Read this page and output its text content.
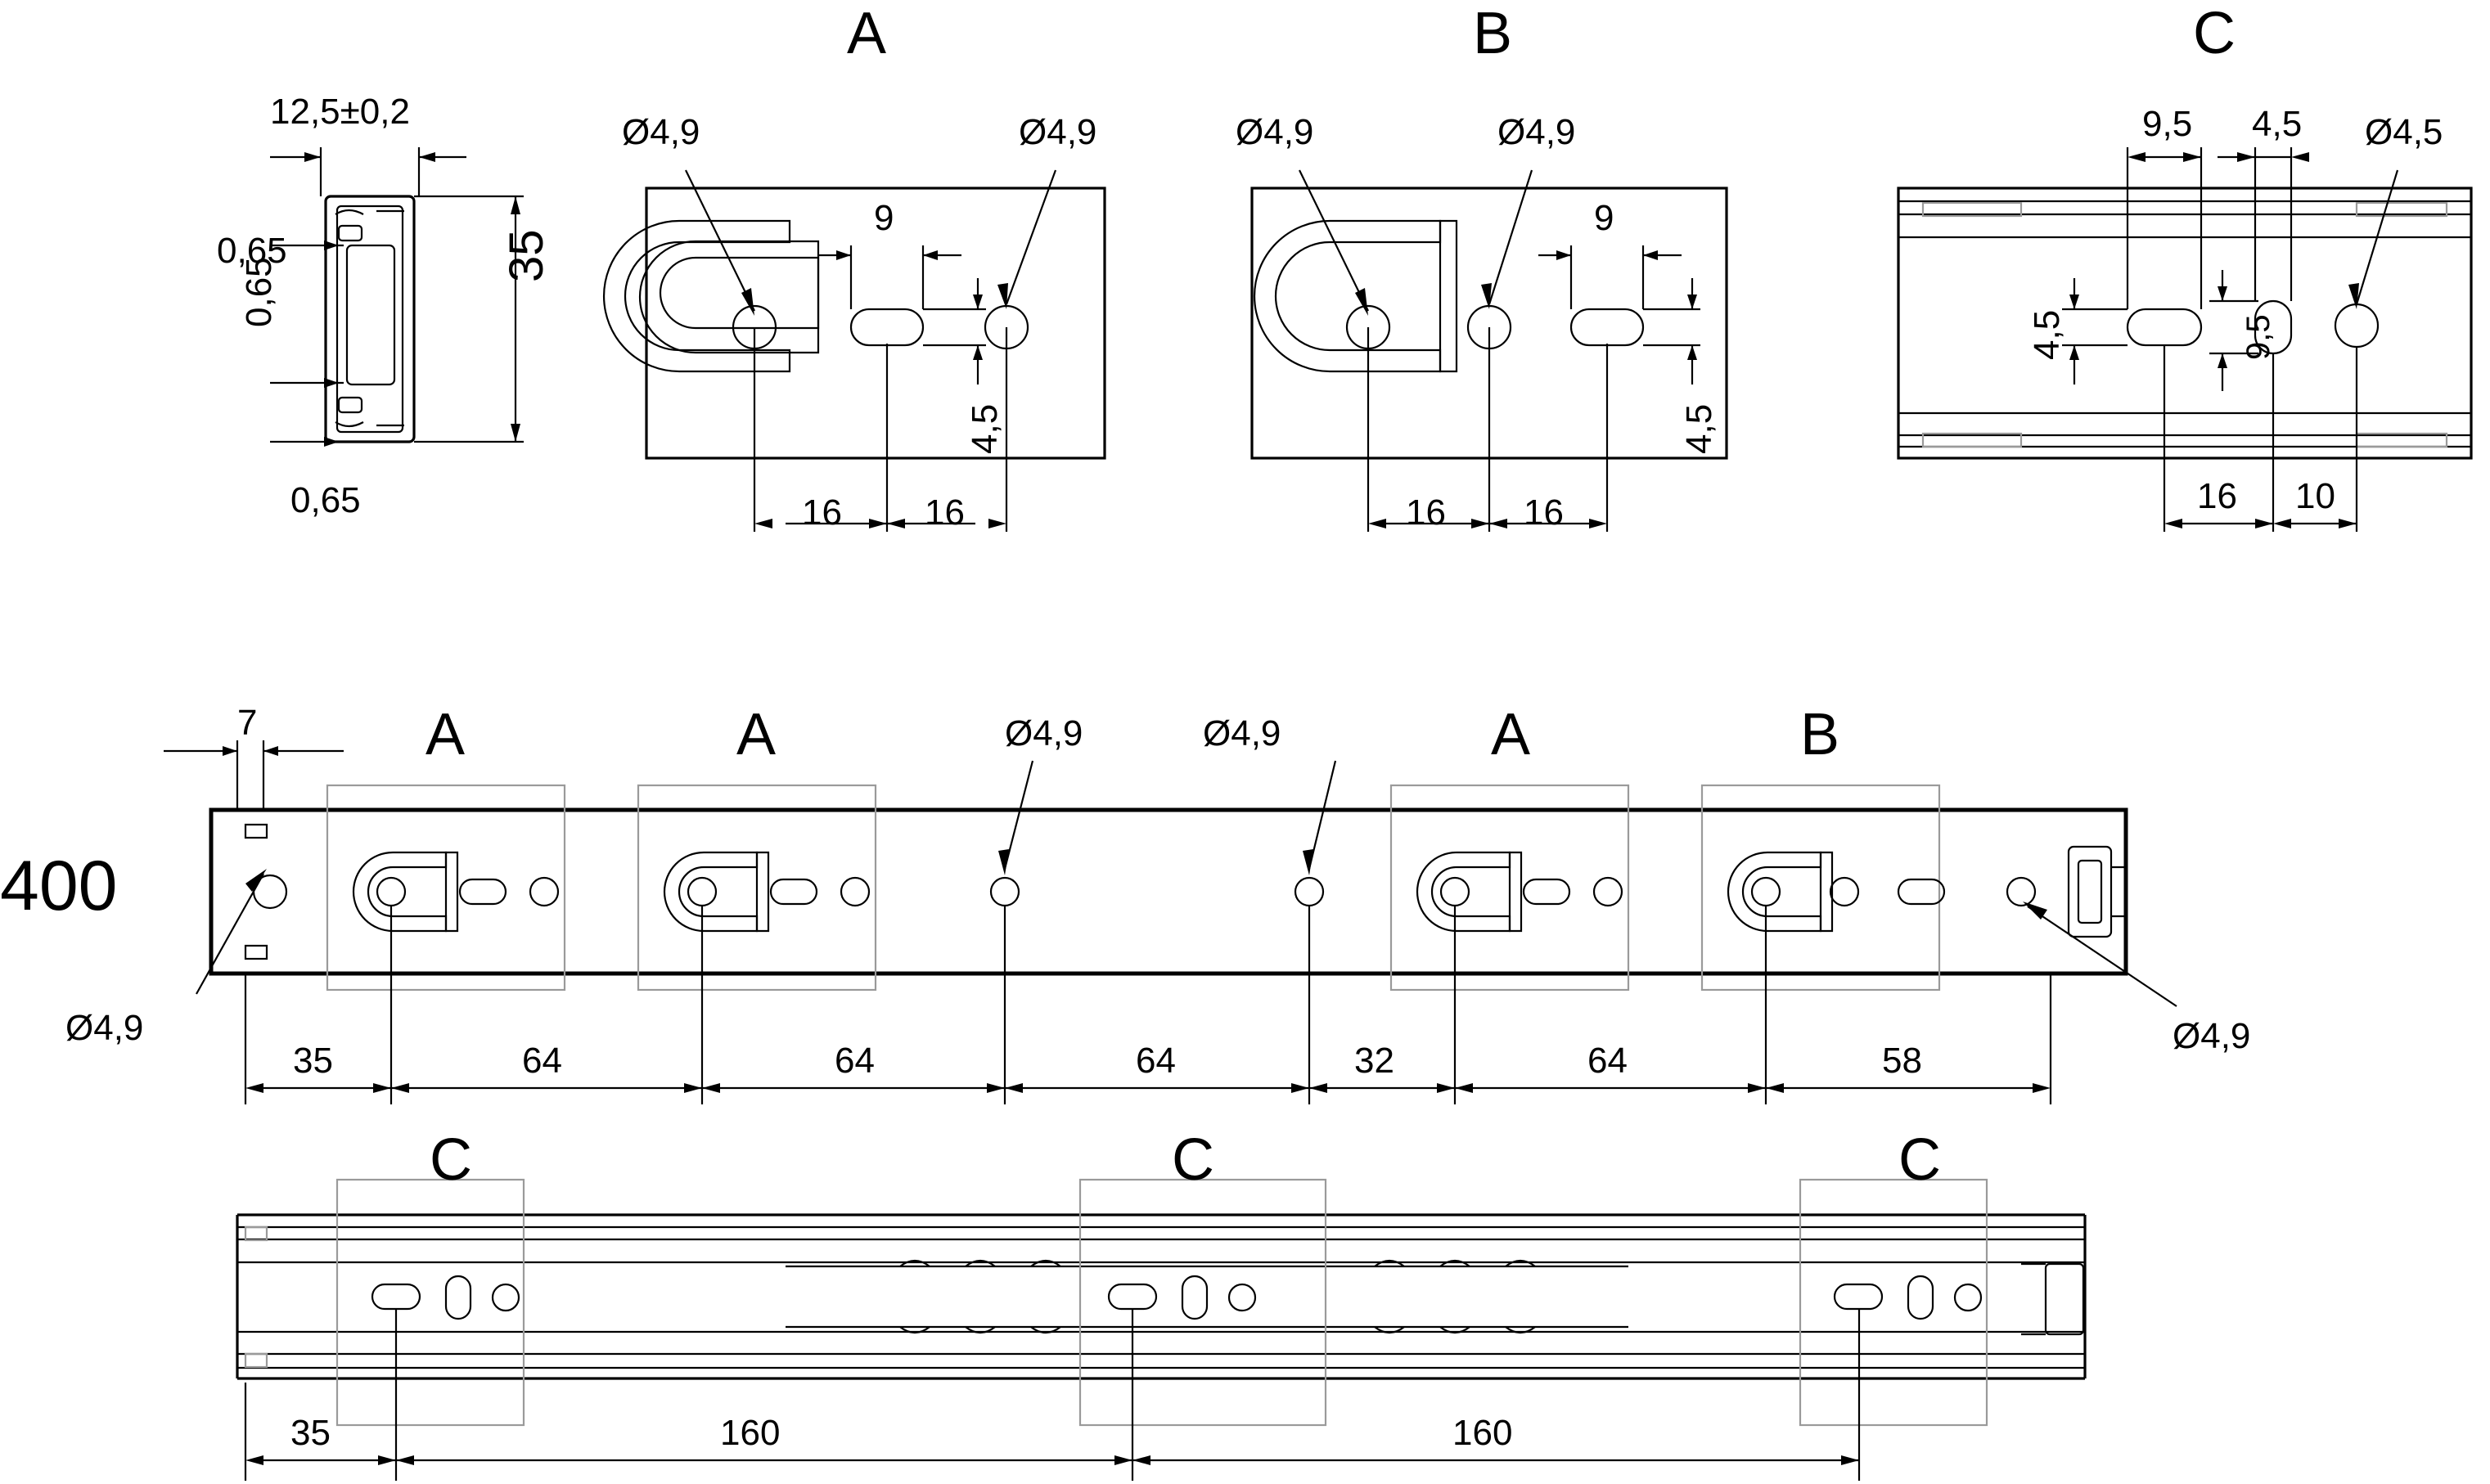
A	B	C
12,5±0,2
0,65
0,65
0,65
35
Ø4,9	Ø4,9
9
4,5
16 16
Ø4,9	Ø4,9
9
4,5
16 16
9,5 4,5 Ø4,5
4,5	9,5
16 10
7
400
Ø4,9	Ø4,9
A	A	A	B
Ø4,9	Ø4,9
35	64	64	64	32	64	58
C	C	C
35	160	160
